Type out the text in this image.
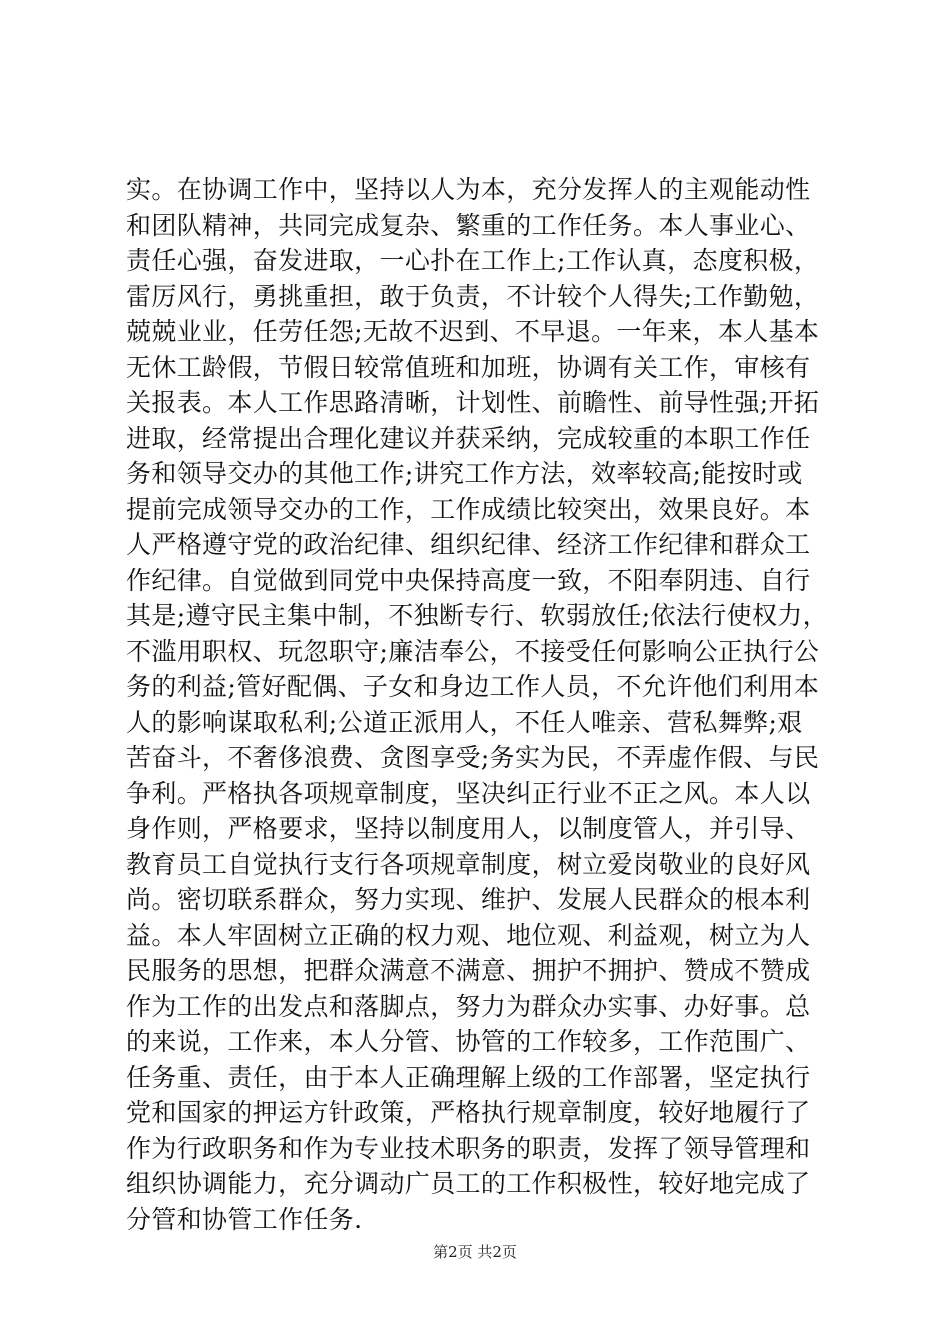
实。在协调工作中，坚持以人为本，充分发挥人的主观能动性
和团队精神，共同完成复杂、繁重的工作任务。本人事业心、
责任心强，奋发进取，一心扑在工作上;工作认真，态度积极，
雷厉风行，勇挑重担，敢于负责，不计较个人得失;工作勤勉，
兢兢业业，任劳任怨;无故不迟到、不早退。一年来，本人基本
无休工龄假，节假日较常值班和加班，协调有关工作，审核有
关报表。本人工作思路清晰，计划性、前瞻性、前导性强;开拓
进取，经常提出合理化建议并获采纳，完成较重的本职工作任
务和领导交办的其他工作;讲究工作方法，效率较高;能按时或
提前完成领导交办的工作，工作成绩比较突出，效果良好。本
人严格遵守党的政治纪律、组织纪律、经济工作纪律和群众工
作纪律。自觉做到同党中央保持高度一致，不阳奉阴违、自行
其是;遵守民主集中制，不独断专行、软弱放任;依法行使权力，
不滥用职权、玩忽职守;廉洁奉公，不接受任何影响公正执行公
务的利益;管好配偶、子女和身边工作人员，不允许他们利用本
人的影响谋取私利;公道正派用人，不任人唯亲、营私舞弊;艰
苦奋斗，不奢侈浪费、贪图享受;务实为民，不弄虚作假、与民
争利。严格执各项规章制度，坚决纠正行业不正之风。本人以
身作则，严格要求，坚持以制度用人，以制度管人，并引导、
教育员工自觉执行支行各项规章制度，树立爱岗敬业的良好风
尚。密切联系群众，努力实现、维护、发展人民群众的根本利
益。本人牢固树立正确的权力观、地位观、利益观，树立为人
民服务的思想，把群众满意不满意、拥护不拥护、赞成不赞成
作为工作的出发点和落脚点，努力为群众办实事、办好事。总
的来说，工作来，本人分管、协管的工作较多，工作范围广、
任务重、责任，由于本人正确理解上级的工作部署，坚定执行
党和国家的押运方针政策，严格执行规章制度，较好地履行了
作为行政职务和作为专业技术职务的职责，发挥了领导管理和
组织协调能力，充分调动广员工的工作积极性，较好地完成了
分管和协管工作任务.
第2页 共2页
